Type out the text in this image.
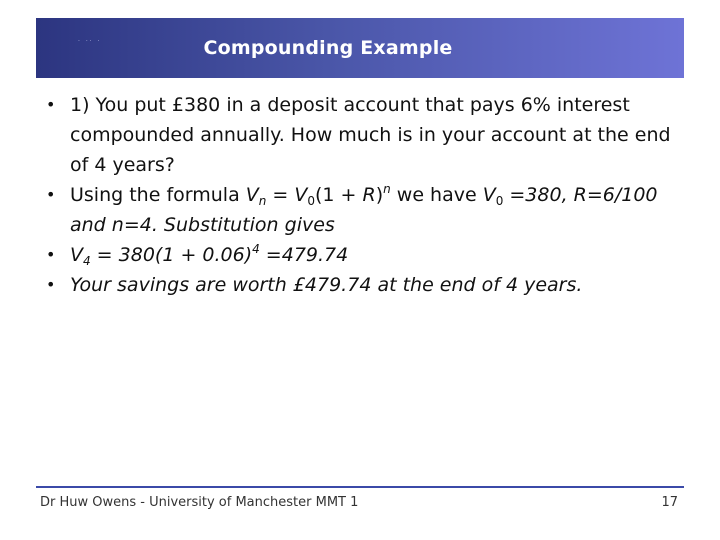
· ·· ·	Compounding Example
• 1) You put £380 in a deposit account that pays 6% interest compounded annually. How much is in your account at the end of 4 years?
• Using the formula $V_n = V_0(1 + R)^n$ we have $V_0 =380$, R=6/100 and n=4. Substitution gives
• $V_4 = 380(1 + 0.06)^4 =479.74$
• Your savings are worth £479.74 at the end of 4 years.
Dr Huw Owens - University of Manchester MMT 1	17
